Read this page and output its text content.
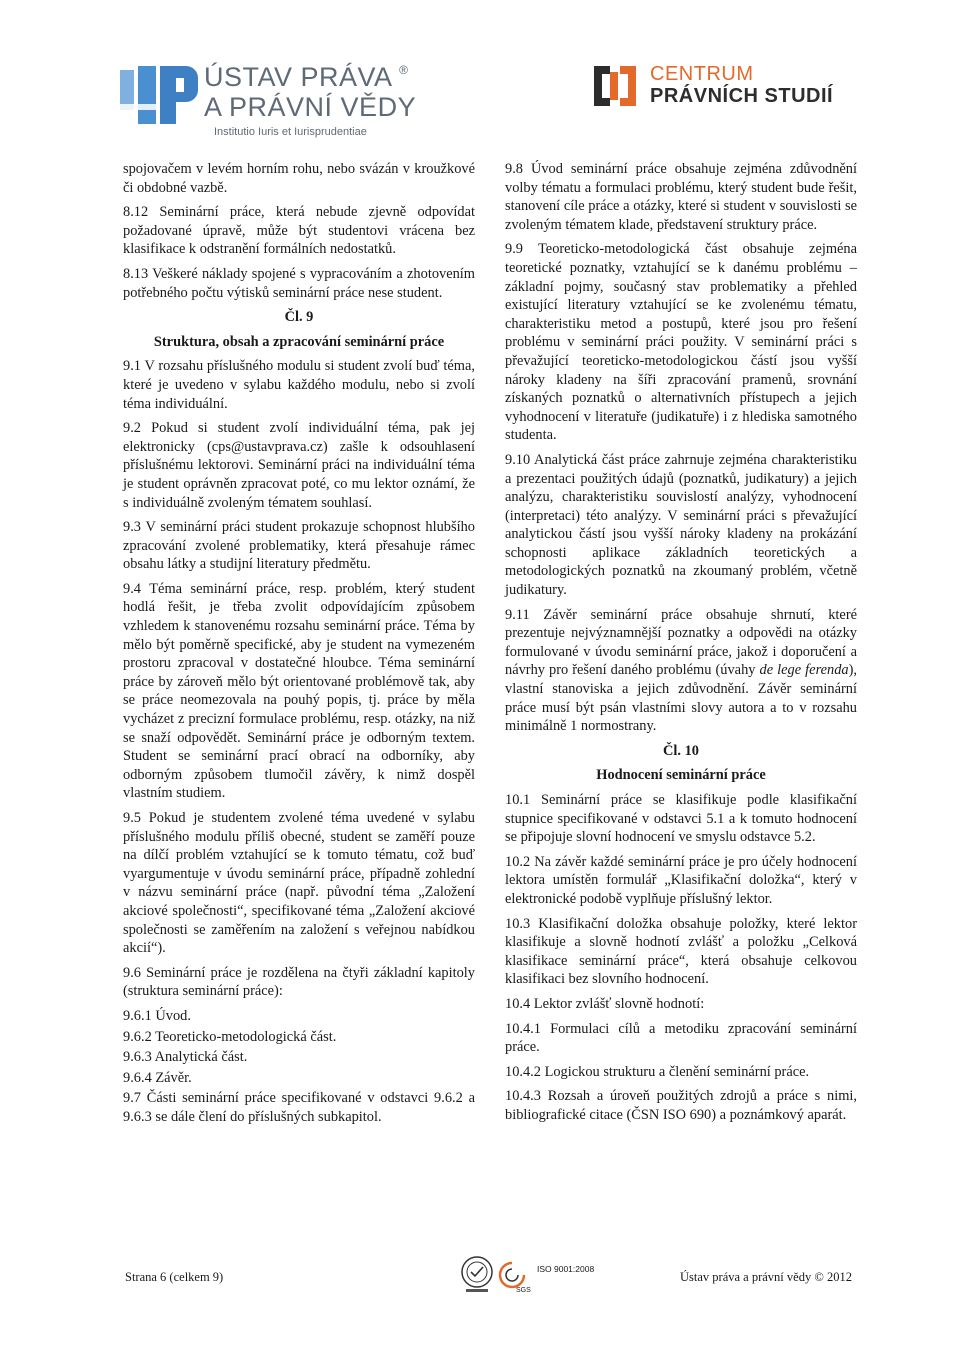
ÚSTAV PRÁVA ®
A PRÁVNÍ VĚDY
Institutio Iuris et Iurisprudentiae
CENTRUM
PRÁVNÍCH STUDIÍ

spojovačem v levém horním rohu, nebo svázán v kroužkové či obdobné vazbě.

8.12 Seminární práce, která nebude zjevně odpovídat požadované úpravě, může být studentovi vrácena bez klasifikace k odstranění formálních nedostatků.

8.13 Veškeré náklady spojené s vypracováním a zhotovením potřebného počtu výtisků seminární práce nese student.

Čl. 9

Struktura, obsah a zpracování seminární práce

9.1 V rozsahu příslušného modulu si student zvolí buď téma, které je uvedeno v sylabu každého modulu, nebo si zvolí téma individuální.

9.2 Pokud si student zvolí individuální téma, pak jej elektronicky (cps@ustavprava.cz) zašle k odsouhlasení příslušnému lektorovi. Seminární práci na individuální téma je student oprávněn zpracovat poté, co mu lektor oznámí, že s individuálně zvoleným tématem souhlasí.

9.3 V seminární práci student prokazuje schopnost hlubšího zpracování zvolené problematiky, která přesahuje rámec obsahu látky a studijní literatury předmětu.

9.4 Téma seminární práce, resp. problém, který student hodlá řešit, je třeba zvolit odpovídajícím způsobem vzhledem k stanovenému rozsahu seminární práce. Téma by mělo být poměrně specifické, aby je student na vymezeném prostoru zpracoval v dostatečné hloubce. Téma seminární práce by zároveň mělo být orientované problémově tak, aby se práce neomezovala na pouhý popis, tj. práce by měla vycházet z precizní formulace problému, resp. otázky, na niž se snaží odpovědět. Seminární práce je odborným textem. Student se seminární prací obrací na odborníky, aby odborným způsobem tlumočil závěry, k nimž dospěl vlastním studiem.

9.5 Pokud je studentem zvolené téma uvedené v sylabu příslušného modulu příliš obecné, student se zaměří pouze na dílčí problém vztahující se k tomuto tématu, což buď vyargumentuje v úvodu seminární práce, případně zohlední v názvu seminární práce (např. původní téma „Založení akciové společnosti“, specifikované téma „Založení akciové společnosti se zaměřením na založení s veřejnou nabídkou akcií“).

9.6 Seminární práce je rozdělena na čtyři základní kapitoly (struktura seminární práce):

9.6.1 Úvod.

9.6.2 Teoreticko-metodologická část.

9.6.3 Analytická část.

9.6.4 Závěr.

9.7 Části seminární práce specifikované v odstavci 9.6.2 a 9.6.3 se dále člení do příslušných subkapitol.

9.8 Úvod seminární práce obsahuje zejména zdůvodnění volby tématu a formulaci problému, který student bude řešit, stanovení cíle práce a otázky, které si student v souvislosti se zvoleným tématem klade, představení struktury práce.

9.9 Teoreticko-metodologická část obsahuje zejména teoretické poznatky, vztahující se k danému problému – základní pojmy, současný stav problematiky a přehled existující literatury vztahující se ke zvolenému tématu, charakteristiku metod a postupů, které jsou pro řešení problému v seminární práci použity. V seminární práci s převažující teoreticko-metodologickou částí jsou vyšší nároky kladeny na šíři zpracování pramenů, srovnání získaných poznatků o alternativních přístupech a jejich vyhodnocení v literatuře (judikatuře) i z hlediska samotného studenta.

9.10 Analytická část práce zahrnuje zejména charakteristiku a prezentaci použitých údajů (poznatků, judikatury) a jejich analýzu, charakteristiku souvislostí analýzy, vyhodnocení (interpretaci) této analýzy. V seminární práci s převažující analytickou částí jsou vyšší nároky kladeny na prokázání schopnosti aplikace základních teoretických a metodologických poznatků na zkoumaný problém, včetně judikatury.

9.11 Závěr seminární práce obsahuje shrnutí, které prezentuje nejvýznamnější poznatky a odpovědi na otázky formulované v úvodu seminární práce, jakož i doporučení a návrhy pro řešení daného problému (úvahy de lege ferenda), vlastní stanoviska a jejich zdůvodnění. Závěr seminární práce musí být psán vlastními slovy autora a to v rozsahu minimálně 1 normostrany.

Čl. 10

Hodnocení seminární práce

10.1 Seminární práce se klasifikuje podle klasifikační stupnice specifikované v odstavci 5.1 a k tomuto hodnocení se připojuje slovní hodnocení ve smyslu odstavce 5.2.

10.2 Na závěr každé seminární práce je pro účely hodnocení lektora umístěn formulář „Klasifikační doložka“, který v elektronické podobě vyplňuje příslušný lektor.

10.3 Klasifikační doložka obsahuje položky, které lektor klasifikuje a slovně hodnotí zvlášť a položku „Celková klasifikace seminární práce“, která obsahuje celkovou klasifikaci bez slovního hodnocení.

10.4 Lektor zvlášť slovně hodnotí:

10.4.1 Formulaci cílů a metodiku zpracování seminární práce.

10.4.2 Logickou strukturu a členění seminární práce.

10.4.3 Rozsah a úroveň použitých zdrojů a práce s nimi, bibliografické citace (ČSN ISO 690) a poznámkový aparát.

Strana 6 (celkem 9)
ISO 9001:2008
SGS
Ústav práva a právní vědy © 2012
